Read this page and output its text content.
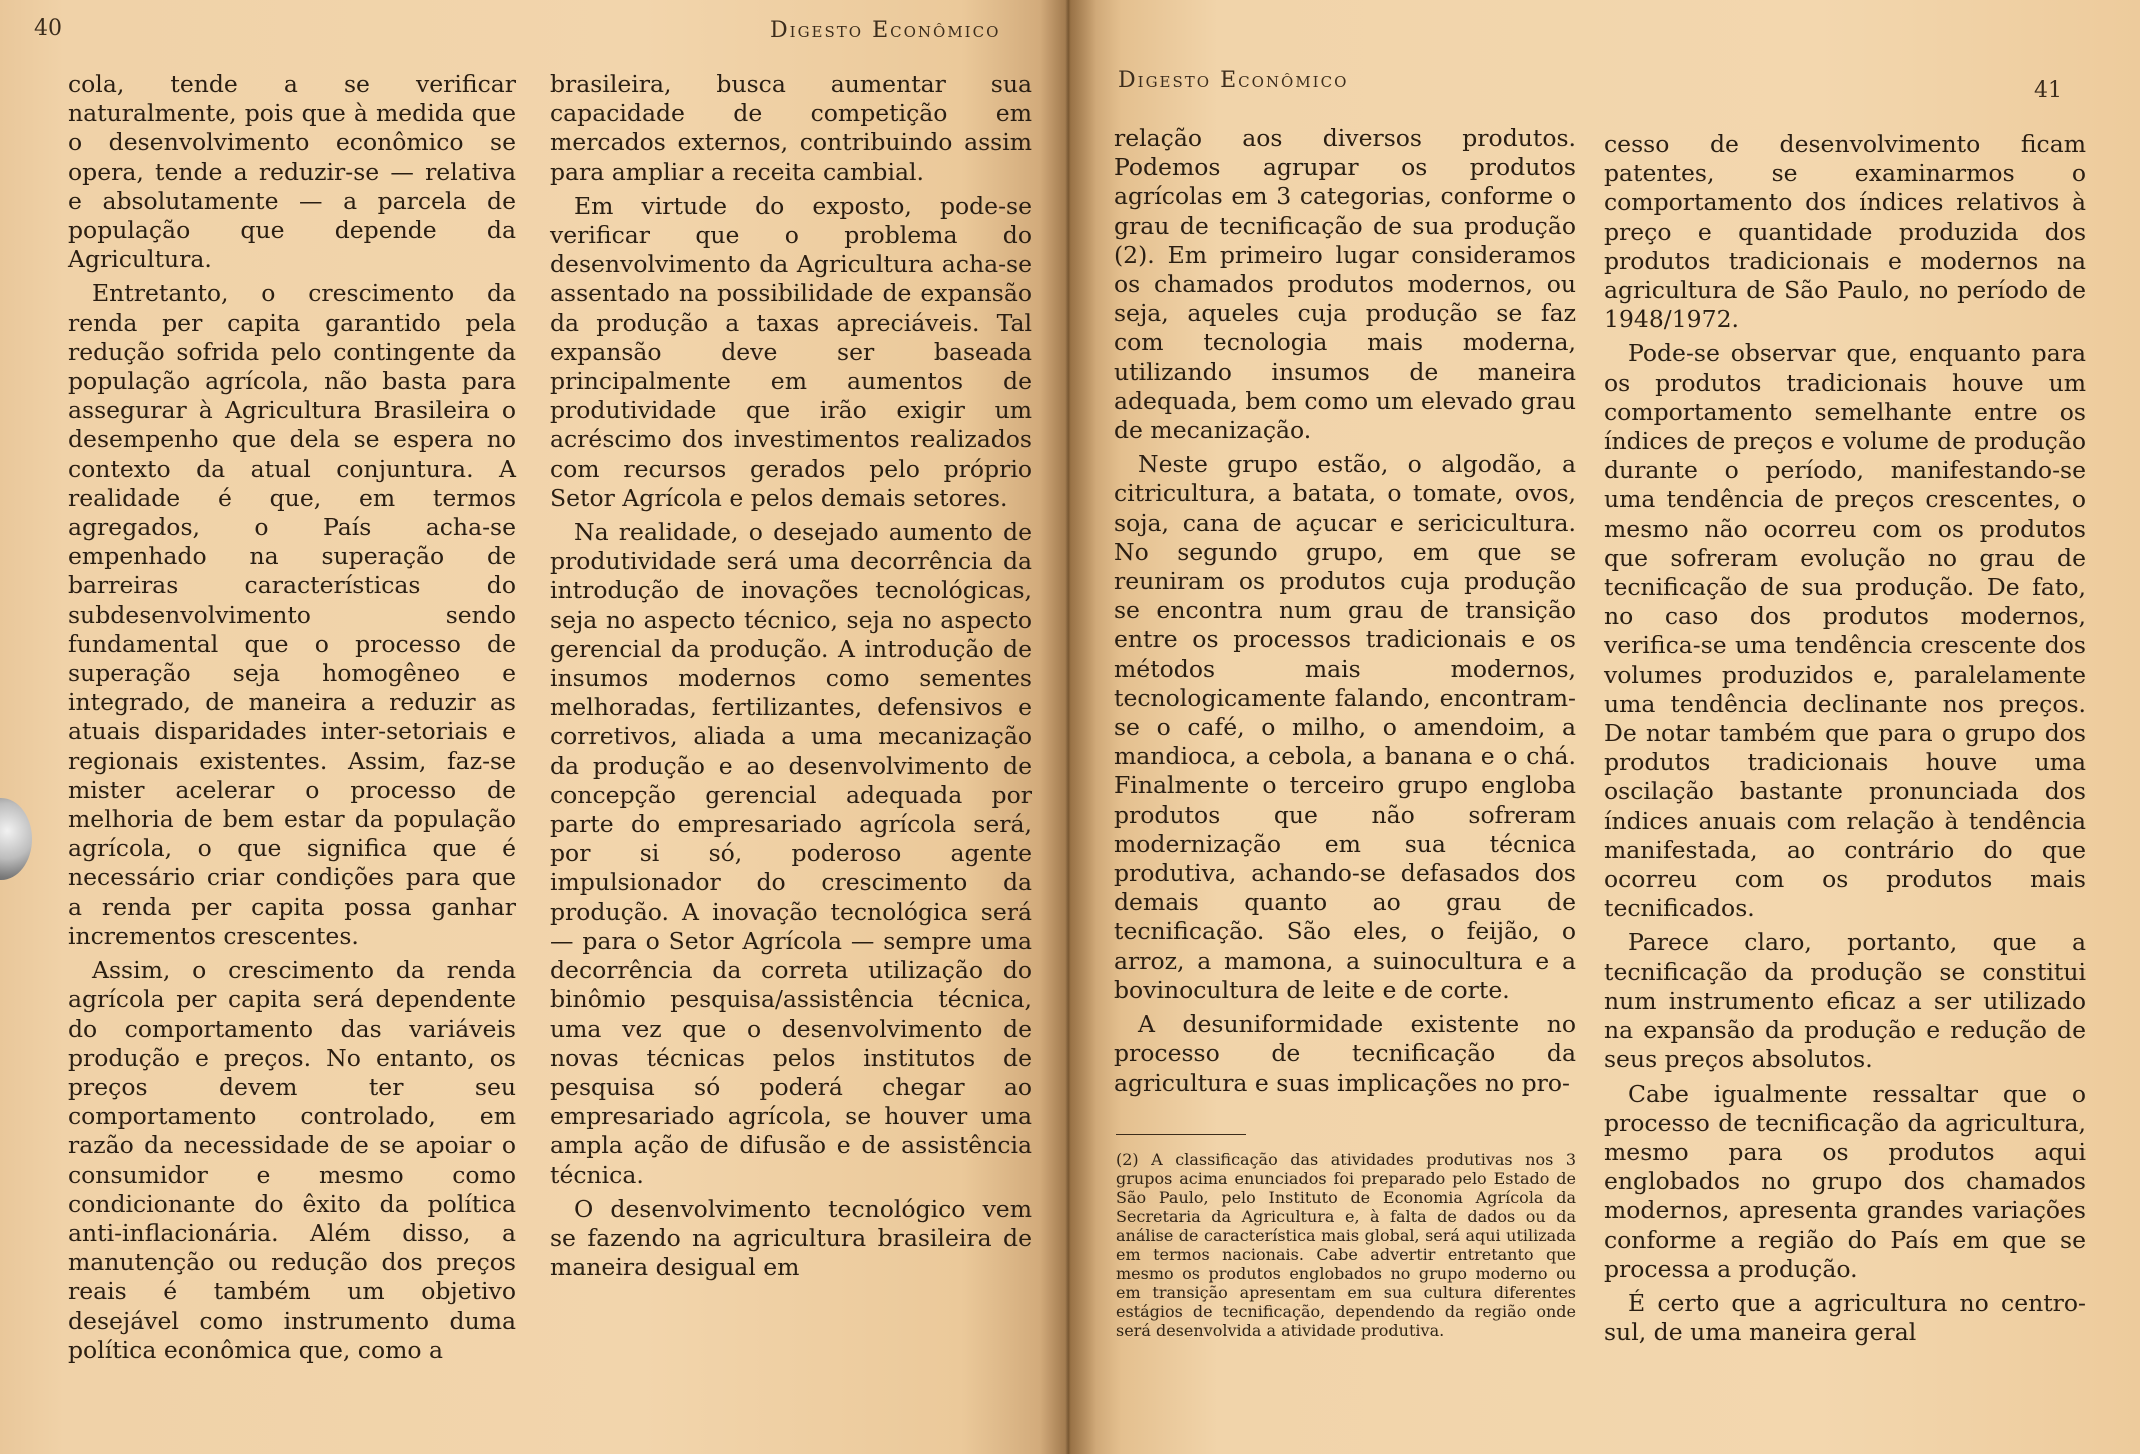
40	Digesto Econômico

cola, tende a se verificar naturalmente, pois que à medida que o desenvolvimento econômico se opera, tende a reduzir-se — relativa e absolutamente — a parcela de população que depende da Agricultura.

Entretanto, o crescimento da renda per capita garantido pela redução sofrida pelo contingente da população agrícola, não basta para assegurar à Agricultura Brasileira o desempenho que dela se espera no contexto da atual conjuntura. A realidade é que, em termos agregados, o País acha-se empenhado na superação de barreiras características do subdesenvolvimento sendo fundamental que o processo de superação seja homogêneo e integrado, de maneira a reduzir as atuais disparidades inter-setoriais e regionais existentes. Assim, faz-se mister acelerar o processo de melhoria de bem estar da população agrícola, o que significa que é necessário criar condições para que a renda per capita possa ganhar incrementos crescentes.

Assim, o crescimento da renda agrícola per capita será dependente do comportamento das variáveis produção e preços. No entanto, os preços devem ter seu comportamento controlado, em razão da necessidade de se apoiar o consumidor e mesmo como condicionante do êxito da política anti-inflacionária. Além disso, a manutenção ou redução dos preços reais é também um objetivo desejável como instrumento duma política econômica que, como a

brasileira, busca aumentar sua capacidade de competição em mercados externos, contribuindo assim para ampliar a receita cambial.

Em virtude do exposto, pode-se verificar que o problema do desenvolvimento da Agricultura acha-se assentado na possibilidade de expansão da produção a taxas apreciáveis. Tal expansão deve ser baseada principalmente em aumentos de produtividade que irão exigir um acréscimo dos investimentos realizados com recursos gerados pelo próprio Setor Agrícola e pelos demais setores.

Na realidade, o desejado aumento de produtividade será uma decorrência da introdução de inovações tecnológicas, seja no aspecto técnico, seja no aspecto gerencial da produção. A introdução de insumos modernos como sementes melhoradas, fertilizantes, defensivos e corretivos, aliada a uma mecanização da produção e ao desenvolvimento de concepção gerencial adequada por parte do empresariado agrícola será, por si só, poderoso agente impulsionador do crescimento da produção. A inovação tecnológica será — para o Setor Agrícola — sempre uma decorrência da correta utilização do binômio pesquisa/assistência técnica, uma vez que o desenvolvimento de novas técnicas pelos institutos de pesquisa só poderá chegar ao empresariado agrícola, se houver uma ampla ação de difusão e de assistência técnica.

O desenvolvimento tecnológico vem se fazendo na agricultura brasileira de maneira desigual em

Digesto Econômico	41

relação aos diversos produtos. Podemos agrupar os produtos agrícolas em 3 categorias, conforme o grau de tecnificação de sua produção (2). Em primeiro lugar consideramos os chamados produtos modernos, ou seja, aqueles cuja produção se faz com tecnologia mais moderna, utilizando insumos de maneira adequada, bem como um elevado grau de mecanização.

Neste grupo estão, o algodão, a citricultura, a batata, o tomate, ovos, soja, cana de açucar e sericicultura. No segundo grupo, em que se reuniram os produtos cuja produção se encontra num grau de transição entre os processos tradicionais e os métodos mais modernos, tecnologicamente falando, encontram-se o café, o milho, o amendoim, a mandioca, a cebola, a banana e o chá. Finalmente o terceiro grupo engloba produtos que não sofreram modernização em sua técnica produtiva, achando-se defasados dos demais quanto ao grau de tecnificação. São eles, o feijão, o arroz, a mamona, a suinocultura e a bovinocultura de leite e de corte.

A desuniformidade existente no processo de tecnificação da agricultura e suas implicações no pro-

(2) A classificação das atividades produtivas nos 3 grupos acima enunciados foi preparado pelo Estado de São Paulo, pelo Instituto de Economia Agrícola da Secretaria da Agricultura e, à falta de dados ou da análise de característica mais global, será aqui utilizada em termos nacionais. Cabe advertir entretanto que mesmo os produtos englobados no grupo moderno ou em transição apresentam em sua cultura diferentes estágios de tecnificação, dependendo da região onde será desenvolvida a atividade produtiva.

cesso de desenvolvimento ficam patentes, se examinarmos o comportamento dos índices relativos à preço e quantidade produzida dos produtos tradicionais e modernos na agricultura de São Paulo, no período de 1948/1972.

Pode-se observar que, enquanto para os produtos tradicionais houve um comportamento semelhante entre os índices de preços e volume de produção durante o período, manifestando-se uma tendência de preços crescentes, o mesmo não ocorreu com os produtos que sofreram evolução no grau de tecnificação de sua produção. De fato, no caso dos produtos modernos, verifica-se uma tendência crescente dos volumes produzidos e, paralelamente uma tendência declinante nos preços. De notar também que para o grupo dos produtos tradicionais houve uma oscilação bastante pronunciada dos índices anuais com relação à tendência manifestada, ao contrário do que ocorreu com os produtos mais tecnificados.

Parece claro, portanto, que a tecnificação da produção se constitui num instrumento eficaz a ser utilizado na expansão da produção e redução de seus preços absolutos.

Cabe igualmente ressaltar que o processo de tecnificação da agricultura, mesmo para os produtos aqui englobados no grupo dos chamados modernos, apresenta grandes variações conforme a região do País em que se processa a produção.

É certo que a agricultura no centro-sul, de uma maneira geral
